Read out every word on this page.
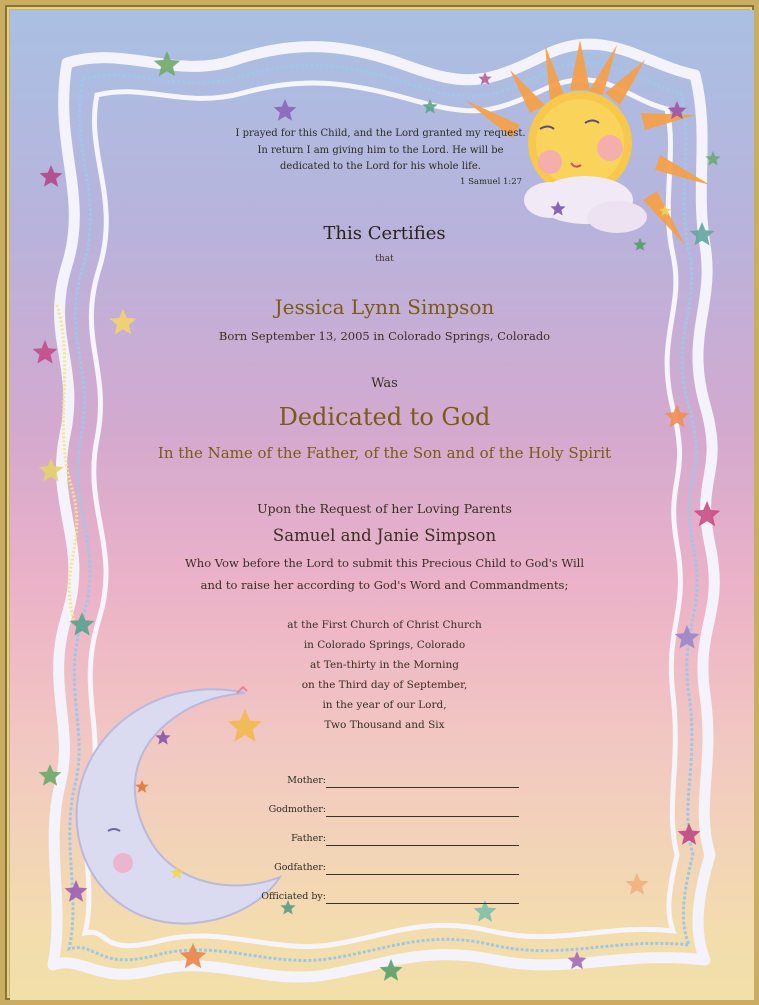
I prayed for this Child, and the Lord granted my request.
In return I am giving him to the Lord. He will be
dedicated to the Lord for his whole life.
1 Samuel 1:27
This Certifies
that
Jessica Lynn Simpson
Born September 13, 2005 in Colorado Springs, Colorado
Was
Dedicated to God
In the Name of the Father, of the Son and of the Holy Spirit
Upon the Request of her Loving Parents
Samuel and Janie Simpson
Who Vow before the Lord to submit this Precious Child to God's Will
and to raise her according to God's Word and Commandments;
at the First Church of Christ Church
in Colorado Springs, Colorado
at Ten-thirty in the Morning
on the Third day of September,
in the year of our Lord,
Two Thousand and Six
Mother:
Godmother:
Father:
Godfather:
Officiated by:
